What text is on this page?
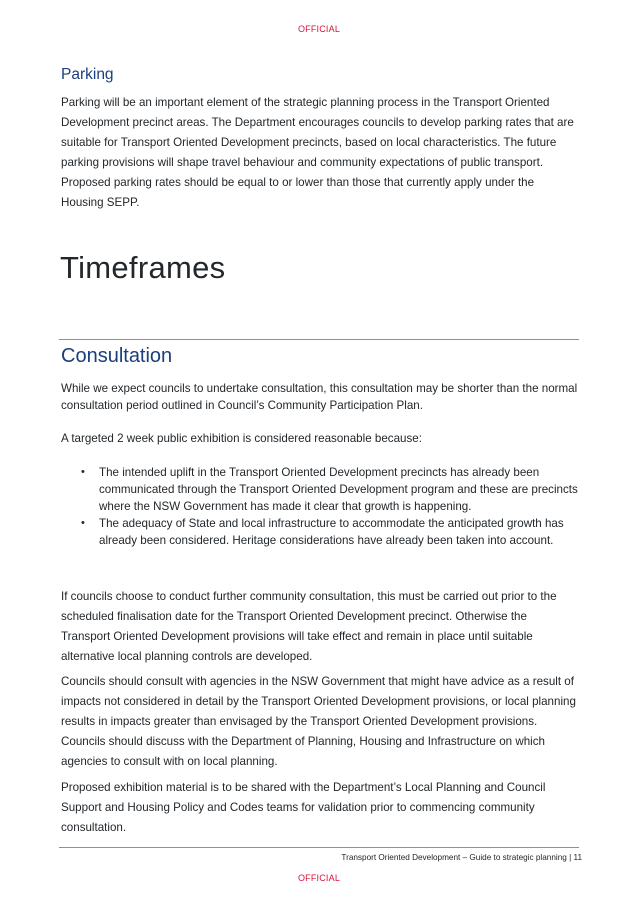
OFFICIAL
Parking

Parking will be an important element of the strategic planning process in the Transport Oriented Development precinct areas. The Department encourages councils to develop parking rates that are suitable for Transport Oriented Development precincts, based on local characteristics. The future parking provisions will shape travel behaviour and community expectations of public transport. Proposed parking rates should be equal to or lower than those that currently apply under the Housing SEPP.

Timeframes
Consultation

While we expect councils to undertake consultation, this consultation may be shorter than the normal consultation period outlined in Council’s Community Participation Plan.

A targeted 2 week public exhibition is considered reasonable because:

• The intended uplift in the Transport Oriented Development precincts has already been communicated through the Transport Oriented Development program and these are precincts where the NSW Government has made it clear that growth is happening.
• The adequacy of State and local infrastructure to accommodate the anticipated growth has already been considered. Heritage considerations have already been taken into account.

If councils choose to conduct further community consultation, this must be carried out prior to the scheduled finalisation date for the Transport Oriented Development precinct. Otherwise the Transport Oriented Development provisions will take effect and remain in place until suitable alternative local planning controls are developed.

Councils should consult with agencies in the NSW Government that might have advice as a result of impacts not considered in detail by the Transport Oriented Development provisions, or local planning results in impacts greater than envisaged by the Transport Oriented Development provisions. Councils should discuss with the Department of Planning, Housing and Infrastructure on which agencies to consult with on local planning.

Proposed exhibition material is to be shared with the Department’s Local Planning and Council Support and Housing Policy and Codes teams for validation prior to commencing community consultation.

Transport Oriented Development – Guide to strategic planning | 11
OFFICIAL
